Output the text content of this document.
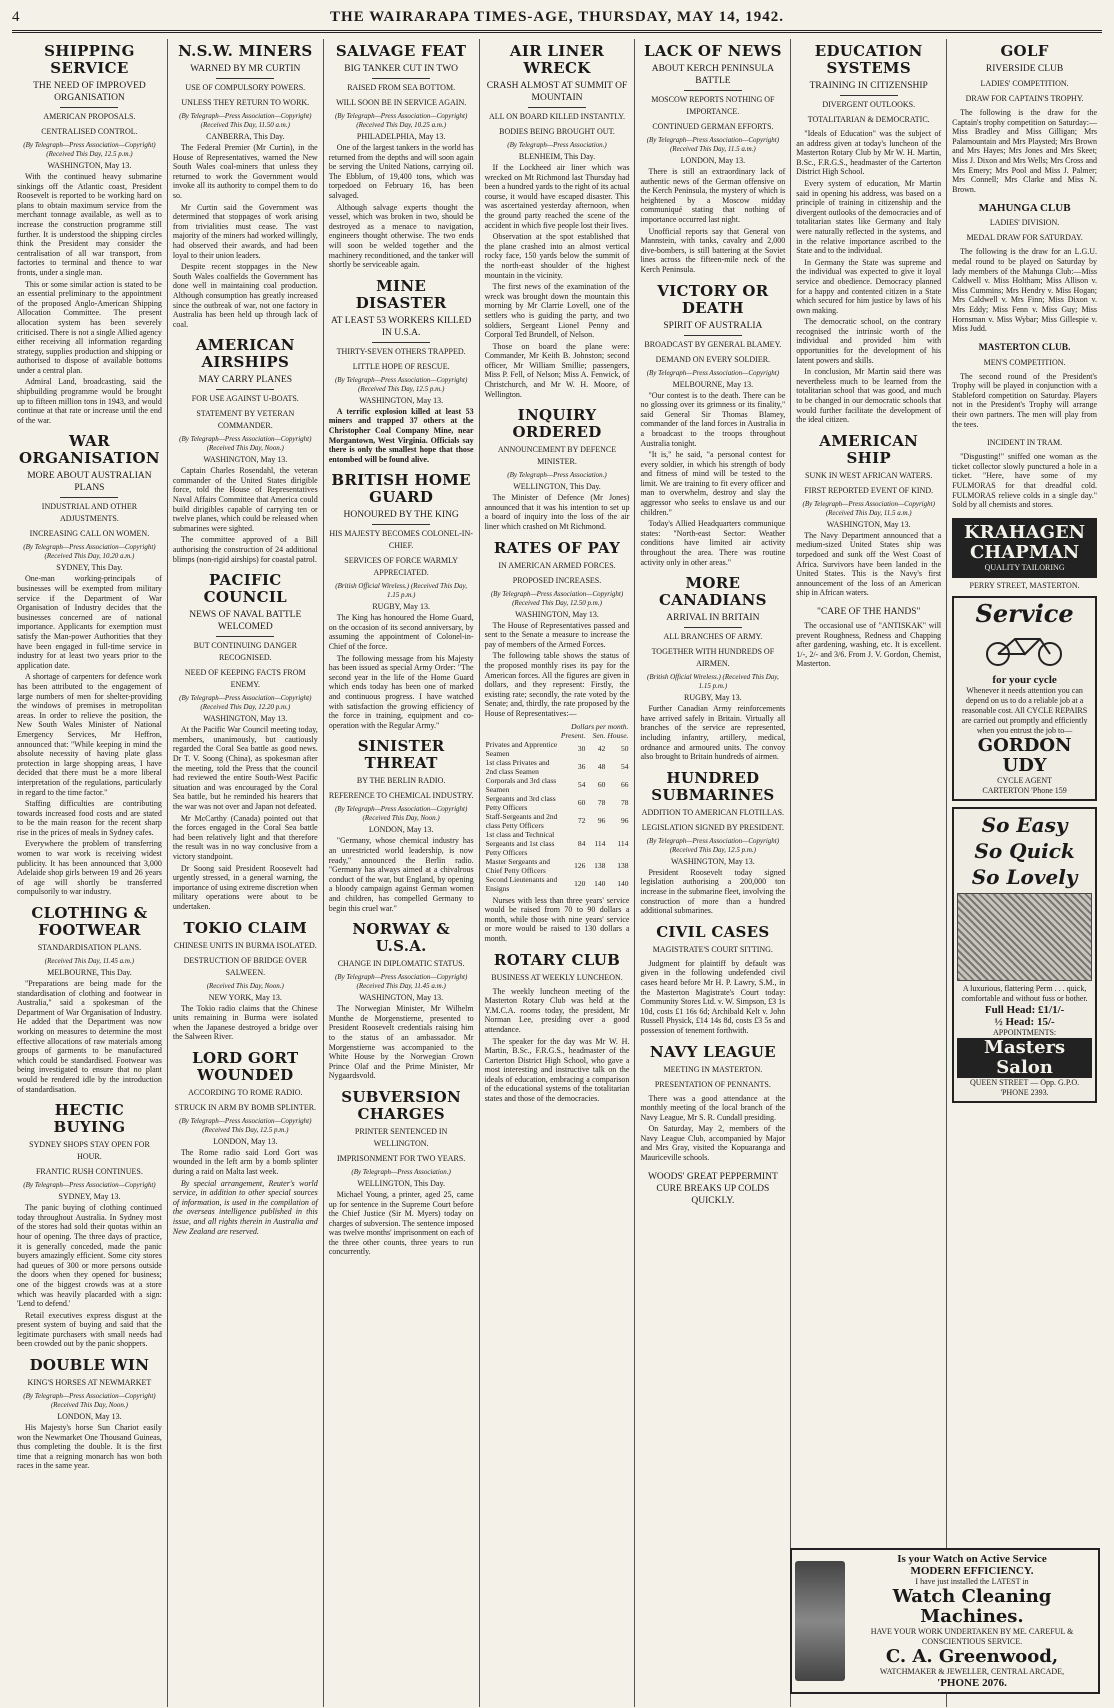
4	THE WAIRARAPA TIMES-AGE, THURSDAY, MAY 14, 1942.
SHIPPING SERVICE
THE NEED OF IMPROVED ORGANISATION
AMERICAN PROPOSALS.
CENTRALISED CONTROL.
(By Telegraph—Press Association—Copyright) (Received This Day, 12.5 p.m.)
WASHINGTON, May 13.

With the continued heavy submarine sinkings off the Atlantic coast, President Roosevelt is reported to be working hard on plans to obtain maximum service from the merchant tonnage available, as well as to increase the construction programme still further. It is understood the shipping circles think the President may consider the centralisation of all war transport, from factories to terminal and thence to war fronts, under a single man.

This or some similar action is stated to be an essential preliminary to the appointment of the proposed Anglo-American Shipping Allocation Committee. The present allocation system has been severely criticised. There is not a single Allied agency either receiving all information regarding strategy, supplies production and shipping or authorised to dispose of available bottoms under a central plan.

Admiral Land, broadcasting, said the shipbuilding programme would be brought up to fifteen million tons in 1943, and would continue at that rate or increase until the end of the war.

WAR ORGANISATION
MORE ABOUT AUSTRALIAN PLANS
INDUSTRIAL AND OTHER ADJUSTMENTS.
INCREASING CALL ON WOMEN.
(By Telegraph—Press Association—Copyright) (Received This Day, 10.20 a.m.)
SYDNEY, This Day.

One-man working-principals of businesses will be exempted from military service if the Department of War Organisation of Industry decides that the businesses concerned are of national importance. Applicants for exemption must satisfy the Man-power Authorities that they have been engaged in full-time service in industry for at least two years prior to the application date.

A shortage of carpenters for defence work has been attributed to the engagement of large numbers of men for shelter-providing the windows of premises in metropolitan areas. In order to relieve the position, the New South Wales Minister of National Emergency Services, Mr Heffron, announced that: "While keeping in mind the absolute necessity of having plate glass protection in large shopping areas, I have decided that there must be a more liberal interpretation of the regulations, particularly in regard to the time factor."

Staffing difficulties are contributing towards increased food costs and are stated to be the main reason for the recent sharp rise in the prices of meals in Sydney cafes.

Everywhere the problem of transferring women to war work is receiving widest publicity. It has been announced that 3,000 Adelaide shop girls between 19 and 26 years of age will shortly be transferred compulsorily to war industry.

CLOTHING & FOOTWEAR
STANDARDISATION PLANS.
(Received This Day, 11.45 a.m.)
MELBOURNE, This Day.

"Preparations are being made for the standardisation of clothing and footwear in Australia," said a spokesman of the Department of War Organisation of Industry. He added that the Department was now working on measures to determine the most effective allocations of raw materials among groups of garments to be manufactured which could be standardised. Footwear was being investigated to ensure that no plant would be rendered idle by the introduction of standardisation.

HECTIC BUYING
SYDNEY SHOPS STAY OPEN FOR HOUR.
FRANTIC RUSH CONTINUES.
(By Telegraph—Press Association—Copyright)
SYDNEY, May 13.

The panic buying of clothing continued today throughout Australia. In Sydney most of the stores had sold their quotas within an hour of opening. The three days of practice, it is generally conceded, made the panic buyers amazingly efficient. Some city stores had queues of 300 or more persons outside the doors when they opened for business; one of the biggest crowds was at a store which was heavily placarded with a sign: 'Lend to defend.'

Retail executives express disgust at the present system of buying and said that the legitimate purchasers with small needs had been crowded out by the panic shoppers.

DOUBLE WIN
KING'S HORSES AT NEWMARKET
(By Telegraph—Press Association—Copyright) (Received This Day, Noon.)
LONDON, May 13.

His Majesty's horse Sun Chariot easily won the Newmarket One Thousand Guineas, thus completing the double. It is the first time that a reigning monarch has won both races in the same year.

N.S.W. MINERS
WARNED BY MR CURTIN
USE OF COMPULSORY POWERS.
UNLESS THEY RETURN TO WORK.
(By Telegraph—Press Association—Copyright) (Received This Day, 11.50 a.m.)
CANBERRA, This Day.

The Federal Premier (Mr Curtin), in the House of Representatives, warned the New South Wales coal-miners that unless they returned to work the Government would invoke all its authority to compel them to do so.

Mr Curtin said the Government was determined that stoppages of work arising from trivialities must cease. The vast majority of the miners had worked willingly, had observed their awards, and had been loyal to their union leaders.

Despite recent stoppages in the New South Wales coalfields the Government has done well in maintaining coal production. Although consumption has greatly increased since the outbreak of war, not one factory in Australia has been held up through lack of coal.

AMERICAN AIRSHIPS
MAY CARRY PLANES
FOR USE AGAINST U-BOATS.
STATEMENT BY VETERAN COMMANDER.
(By Telegraph—Press Association—Copyright) (Received This Day, Noon.)
WASHINGTON, May 13.

Captain Charles Rosendahl, the veteran commander of the United States dirigible force, told the House of Representatives Naval Affairs Committee that America could build dirigibles capable of carrying ten or twelve planes, which could be released when submarines were sighted.

The committee approved of a Bill authorising the construction of 24 additional blimps (non-rigid airships) for coastal patrol.

PACIFIC COUNCIL
NEWS OF NAVAL BATTLE WELCOMED
BUT CONTINUING DANGER RECOGNISED.
NEED OF KEEPING FACTS FROM ENEMY.
(By Telegraph—Press Association—Copyright) (Received This Day, 12.20 p.m.)
WASHINGTON, May 13.

At the Pacific War Council meeting today, members, unanimously, but cautiously regarded the Coral Sea battle as good news. Dr T. V. Soong (China), as spokesman after the meeting, told the Press that the council had reviewed the entire South-West Pacific situation and was encouraged by the Coral Sea battle, but he reminded his hearers that the war was not over and Japan not defeated.

Mr McCarthy (Canada) pointed out that the forces engaged in the Coral Sea battle had been relatively light and that therefore the result was in no way conclusive from a victory standpoint.

Dr Soong said President Roosevelt had urgently stressed, in a general warning, the importance of using extreme discretion when military operations were about to be undertaken.

TOKIO CLAIM
CHINESE UNITS IN BURMA ISOLATED.
DESTRUCTION OF BRIDGE OVER SALWEEN.
(Received This Day, Noon.)
NEW YORK, May 13.

The Tokio radio claims that the Chinese units remaining in Burma were isolated when the Japanese destroyed a bridge over the Salween River.

LORD GORT WOUNDED
ACCORDING TO ROME RADIO.
STRUCK IN ARM BY BOMB SPLINTER.
(By Telegraph—Press Association—Copyright) (Received This Day, 12.5 p.m.)
LONDON, May 13.

The Rome radio said Lord Gort was wounded in the left arm by a bomb splinter during a raid on Malta last week.

By special arrangement, Reuter's world service, in addition to other special sources of information, is used in the compilation of the overseas intelligence published in this issue, and all rights therein in Australia and New Zealand are reserved.

SALVAGE FEAT
BIG TANKER CUT IN TWO
RAISED FROM SEA BOTTOM.
WILL SOON BE IN SERVICE AGAIN.
(By Telegraph—Press Association—Copyright) (Received This Day, 10.25 a.m.)
PHILADELPHIA, May 13.

One of the largest tankers in the world has returned from the depths and will soon again be serving the United Nations, carrying oil. The Ebblum, of 19,400 tons, which was torpedoed on February 16, has been salvaged.

Although salvage experts thought the vessel, which was broken in two, should be destroyed as a menace to navigation, engineers thought otherwise. The two ends will soon be welded together and the machinery reconditioned, and the tanker will shortly be serviceable again.

MINE DISASTER
AT LEAST 53 WORKERS KILLED IN U.S.A.
THIRTY-SEVEN OTHERS TRAPPED.
LITTLE HOPE OF RESCUE.
(By Telegraph—Press Association—Copyright) (Received This Day, 12.5 p.m.)
WASHINGTON, May 13.

A terrific explosion killed at least 53 miners and trapped 37 others at the Christopher Coal Company Mine, near Morgantown, West Virginia. Officials say there is only the smallest hope that those entombed will be found alive.

BRITISH HOME GUARD
HONOURED BY THE KING
HIS MAJESTY BECOMES COLONEL-IN-CHIEF.
SERVICES OF FORCE WARMLY APPRECIATED.
(British Official Wireless.) (Received This Day, 1.15 p.m.)
RUGBY, May 13.

The King has honoured the Home Guard, on the occasion of its second anniversary, by assuming the appointment of Colonel-in-Chief of the force.

The following message from his Majesty has been issued as special Army Order: "The second year in the life of the Home Guard which ends today has been one of marked and continuous progress. I have watched with satisfaction the growing efficiency of the force in training, equipment and co-operation with the Regular Army."

SINISTER THREAT
BY THE BERLIN RADIO.
REFERENCE TO CHEMICAL INDUSTRY.
(By Telegraph—Press Association—Copyright) (Received This Day, Noon.)
LONDON, May 13.

"Germany, whose chemical industry has an unrestricted world leadership, is now ready," announced the Berlin radio. "Germany has always aimed at a chivalrous conduct of the war, but England, by opening a bloody campaign against German women and children, has compelled Germany to begin this cruel war."

NORWAY & U.S.A.
CHANGE IN DIPLOMATIC STATUS.
(By Telegraph—Press Association—Copyright) (Received This Day, 11.45 a.m.)
WASHINGTON, May 13.

The Norwegian Minister, Mr Wilhelm Munthe de Morgenstierne, presented to President Roosevelt credentials raising him to the status of an ambassador. Mr Morgenstierne was accompanied to the White House by the Norwegian Crown Prince Olaf and the Prime Minister, Mr Nygaardsvold.

SUBVERSION CHARGES
PRINTER SENTENCED IN WELLINGTON.
IMPRISONMENT FOR TWO YEARS.
(By Telegraph—Press Association.)
WELLINGTON, This Day.

Michael Young, a printer, aged 25, came up for sentence in the Supreme Court before the Chief Justice (Sir M. Myers) today on charges of subversion. The sentence imposed was twelve months' imprisonment on each of the three other counts, three years to run concurrently.

AIR LINER WRECK
CRASH ALMOST AT SUMMIT OF MOUNTAIN
ALL ON BOARD KILLED INSTANTLY.
BODIES BEING BROUGHT OUT.
(By Telegraph—Press Association.)
BLENHEIM, This Day.

If the Lockheed air liner which was wrecked on Mt Richmond last Thursday had been a hundred yards to the right of its actual course, it would have escaped disaster. This was ascertained yesterday afternoon, when the ground party reached the scene of the accident in which five people lost their lives.

Observation at the spot established that the plane crashed into an almost vertical rocky face, 150 yards below the summit of the north-east shoulder of the highest mountain in the vicinity.

The first news of the examination of the wreck was brought down the mountain this morning by Mr Clarrie Lovell, one of the settlers who is guiding the party, and two soldiers, Sergeant Lionel Penny and Corporal Ted Brundell, of Nelson.

Those on board the plane were: Commander, Mr Keith B. Johnston; second officer, Mr William Smillie; passengers, Miss P. Fell, of Nelson; Miss A. Fenwick, of Christchurch, and Mr W. H. Moore, of Wellington.

INQUIRY ORDERED
ANNOUNCEMENT BY DEFENCE MINISTER.
(By Telegraph—Press Association.)
WELLINGTON, This Day.

The Minister of Defence (Mr Jones) announced that it was his intention to set up a board of inquiry into the loss of the air liner which crashed on Mt Richmond.

RATES OF PAY
IN AMERICAN ARMED FORCES.
PROPOSED INCREASES.
(By Telegraph—Press Association—Copyright) (Received This Day, 12.50 p.m.)
WASHINGTON, May 13.

The House of Representatives passed and sent to the Senate a measure to increase the pay of members of the Armed Forces.

The following table shows the status of the proposed monthly rises its pay for the American forces. All the figures are given in dollars, and they represent: Firstly, the existing rate; secondly, the rate voted by the Senate; and, thirdly, the rate proposed by the House of Representatives:—

Dollars per month.			
	Present.	Sen.	House.
Privates and Apprentice Seamen	30	42	50
1st class Privates and 2nd class Seamen	36	48	54
Corporals and 3rd class Seamen	54	60	66
Sergeants and 3rd class Petty Officers	60	78	78
Staff-Sergeants and 2nd class Petty Officers	72	96	96
1st class and Technical Sergeants and 1st class Petty Officers	84	114	114
Master Sergeants and Chief Petty Officers	126	138	138
Second Lieutenants and Ensigns	120	140	140

Nurses with less than three years' service would be raised from 70 to 90 dollars a month, while those with nine years' service or more would be raised to 130 dollars a month.

ROTARY CLUB
BUSINESS AT WEEKLY LUNCHEON.

The weekly luncheon meeting of the Masterton Rotary Club was held at the Y.M.C.A. rooms today, the president, Mr Norman Lee, presiding over a good attendance.

The speaker for the day was Mr W. H. Martin, B.Sc., F.R.G.S., headmaster of the Carterton District High School, who gave a most interesting and instructive talk on the ideals of education, embracing a comparison of the educational systems of the totalitarian states and those of the democracies.

LACK OF NEWS
ABOUT KERCH PENINSULA BATTLE
MOSCOW REPORTS NOTHING OF IMPORTANCE.
CONTINUED GERMAN EFFORTS.
(By Telegraph—Press Association—Copyright) (Received This Day, 11.5 a.m.)
LONDON, May 13.

There is still an extraordinary lack of authentic news of the German offensive on the Kerch Peninsula, the mystery of which is heightened by a Moscow midday communiqué stating that nothing of importance occurred last night.

Unofficial reports say that General von Mannstein, with tanks, cavalry and 2,000 dive-bombers, is still battering at the Soviet lines across the fifteen-mile neck of the Kerch Peninsula.

VICTORY OR DEATH
SPIRIT OF AUSTRALIA
BROADCAST BY GENERAL BLAMEY.
DEMAND ON EVERY SOLDIER.
(By Telegraph—Press Association—Copyright)
MELBOURNE, May 13.

"Our contest is to the death. There can be no glossing over its grimness or its finality," said General Sir Thomas Blamey, commander of the land forces in Australia in a broadcast to the troops throughout Australia tonight.

"It is," he said, "a personal contest for every soldier, in which his strength of body and fitness of mind will be tested to the limit. We are training to fit every officer and man to overwhelm, destroy and slay the aggressor who seeks to enslave us and our children."

Today's Allied Headquarters communique states: "North-east Sector: Weather conditions have limited air activity throughout the area. There was routine activity only in other areas."

MORE CANADIANS
ARRIVAL IN BRITAIN
ALL BRANCHES OF ARMY.
TOGETHER WITH HUNDREDS OF AIRMEN.
(British Official Wireless.) (Received This Day, 1.15 p.m.)
RUGBY, May 13.

Further Canadian Army reinforcements have arrived safely in Britain. Virtually all branches of the service are represented, including infantry, artillery, medical, ordnance and armoured units. The convoy also brought to Britain hundreds of airmen.

HUNDRED SUBMARINES
ADDITION TO AMERICAN FLOTILLAS.
LEGISLATION SIGNED BY PRESIDENT.
(By Telegraph—Press Association—Copyright) (Received This Day, 12.5 p.m.)
WASHINGTON, May 13.

President Roosevelt today signed legislation authorising a 200,000 ton increase in the submarine fleet, involving the construction of more than a hundred additional submarines.

CIVIL CASES
MAGISTRATE'S COURT SITTING.

Judgment for plaintiff by default was given in the following undefended civil cases heard before Mr H. P. Lawry, S.M., in the Masterton Magistrate's Court today: Community Stores Ltd. v. W. Simpson, £3 1s 10d, costs £1 16s 6d; Archibald Kelt v. John Russell Physick, £14 14s 8d, costs £3 5s and possession of tenement forthwith.

NAVY LEAGUE
MEETING IN MASTERTON.
PRESENTATION OF PENNANTS.

There was a good attendance at the monthly meeting of the local branch of the Navy League, Mr S. R. Cundall presiding.

On Saturday, May 2, members of the Navy League Club, accompanied by Major and Mrs Gray, visited the Kopuaranga and Mauriceville schools.

WOODS' GREAT PEPPERMINT CURE BREAKS UP COLDS QUICKLY.
EDUCATION SYSTEMS
TRAINING IN CITIZENSHIP
DIVERGENT OUTLOOKS.
TOTALITARIAN & DEMOCRATIC.

"Ideals of Education" was the subject of an address given at today's luncheon of the Masterton Rotary Club by Mr W. H. Martin, B.Sc., F.R.G.S., headmaster of the Carterton District High School.

Every system of education, Mr Martin said in opening his address, was based on a principle of training in citizenship and the divergent outlooks of the democracies and of totalitarian states like Germany and Italy were naturally reflected in the systems, and in the relative importance ascribed to the State and to the individual.

In Germany the State was supreme and the individual was expected to give it loyal service and obedience. Democracy planned for a happy and contented citizen in a State which secured for him justice by laws of his own making.

The democratic school, on the contrary recognised the intrinsic worth of the individual and provided him with opportunities for the development of his latent powers and skills.

In conclusion, Mr Martin said there was nevertheless much to be learned from the totalitarian school that was good, and much to be changed in our democratic schools that would further facilitate the development of the ideal citizen.

AMERICAN SHIP
SUNK IN WEST AFRICAN WATERS.
FIRST REPORTED EVENT OF KIND.
(By Telegraph—Press Association—Copyright) (Received This Day, 11.5 a.m.)
WASHINGTON, May 13.

The Navy Department announced that a medium-sized United States ship was torpedoed and sunk off the West Coast of Africa. Survivors have been landed in the United States. This is the Navy's first announcement of the loss of an American ship in African waters.

"CARE OF THE HANDS"

The occasional use of "ANTISKAK" will prevent Roughness, Redness and Chapping after gardening, washing, etc. It is excellent. 1/-, 2/- and 3/6. From J. V. Gordon, Chemist, Masterton.

GOLF
RIVERSIDE CLUB
LADIES' COMPETITION.
DRAW FOR CAPTAIN'S TROPHY.

The following is the draw for the Captain's trophy competition on Saturday:—Miss Bradley and Miss Gilligan; Mrs Palamountain and Mrs Playsted; Mrs Brown and Mrs Hayes; Mrs Jones and Mrs Skeet; Miss J. Dixon and Mrs Wells; Mrs Cross and Mrs Emery; Mrs Pool and Miss J. Palmer; Mrs Connell; Mrs Clarke and Miss N. Brown.

MAHUNGA CLUB
LADIES' DIVISION.
MEDAL DRAW FOR SATURDAY.

The following is the draw for an L.G.U. medal round to be played on Saturday by lady members of the Mahunga Club:—Miss Caldwell v. Miss Holtham; Miss Allison v. Miss Cummins; Mrs Hendry v. Miss Hogan; Mrs Caldwell v. Mrs Finn; Miss Dixon v. Mrs Eddy; Miss Fenn v. Miss Guy; Miss Hornsman v. Miss Wybar; Miss Gillespie v. Miss Judd.

MASTERTON CLUB.
MEN'S COMPETITION.

The second round of the President's Trophy will be played in conjunction with a Stableford competition on Saturday. Players not in the President's Trophy will arrange their own partners. The men will play from the tees.

INCIDENT IN TRAM.

"Disgusting!" sniffed one woman as the ticket collector slowly punctured a hole in a ticket. "Here, have some of my FULMORAS for that dreadful cold. FULMORAS relieve colds in a single day." Sold by all chemists and stores.

KRAHAGEN
CHAPMAN
QUALITY TAILORING
PERRY STREET, MASTERTON.
Service
for your cycle
Whenever it needs attention you can depend on us to do a reliable job at a reasonable cost. All CYCLE REPAIRS are carried out promptly and efficiently when you entrust the job to—
GORDON UDY
CYCLE AGENT
CARTERTON 'Phone 159
So Easy
So Quick
So Lovely
A luxurious, flattering Perm . . . quick, comfortable and without fuss or bother.
Full Head: £1/1/-
½ Head: 15/-
APPOINTMENTS:
Masters Salon
QUEEN STREET — Opp. G.P.O. 'PHONE 2393.
Is your Watch on Active Service
MODERN EFFICIENCY.
I have just installed the LATEST in
Watch Cleaning Machines.
HAVE YOUR WORK UNDERTAKEN BY ME. CAREFUL & CONSCIENTIOUS SERVICE.
C. A. Greenwood,
WATCHMAKER & JEWELLER, CENTRAL ARCADE,
'PHONE 2076.
